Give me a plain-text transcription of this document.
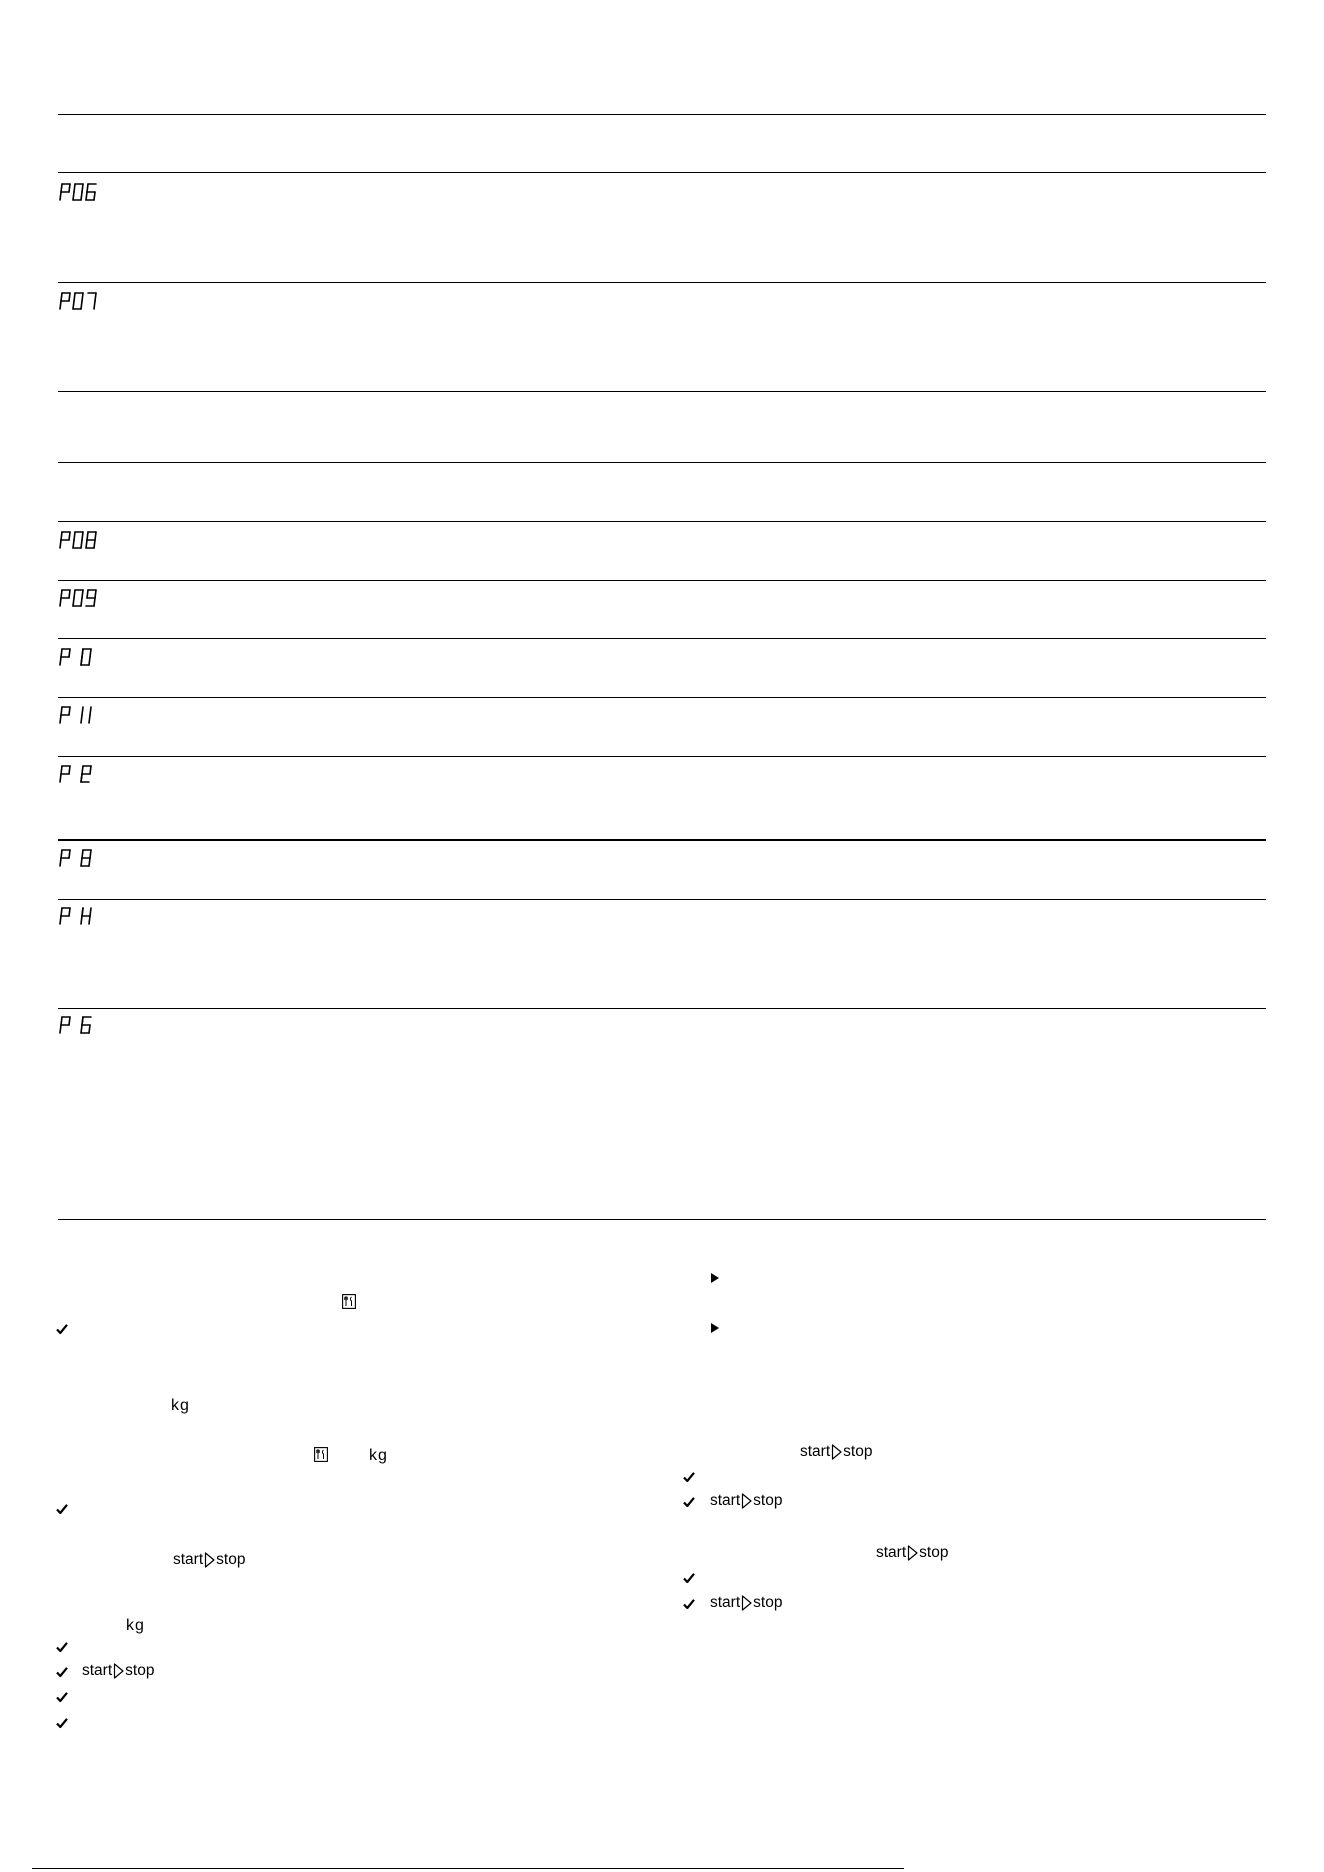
kg
kg
start stop
kg
start stop
start stop
start stop
start stop
start stop
